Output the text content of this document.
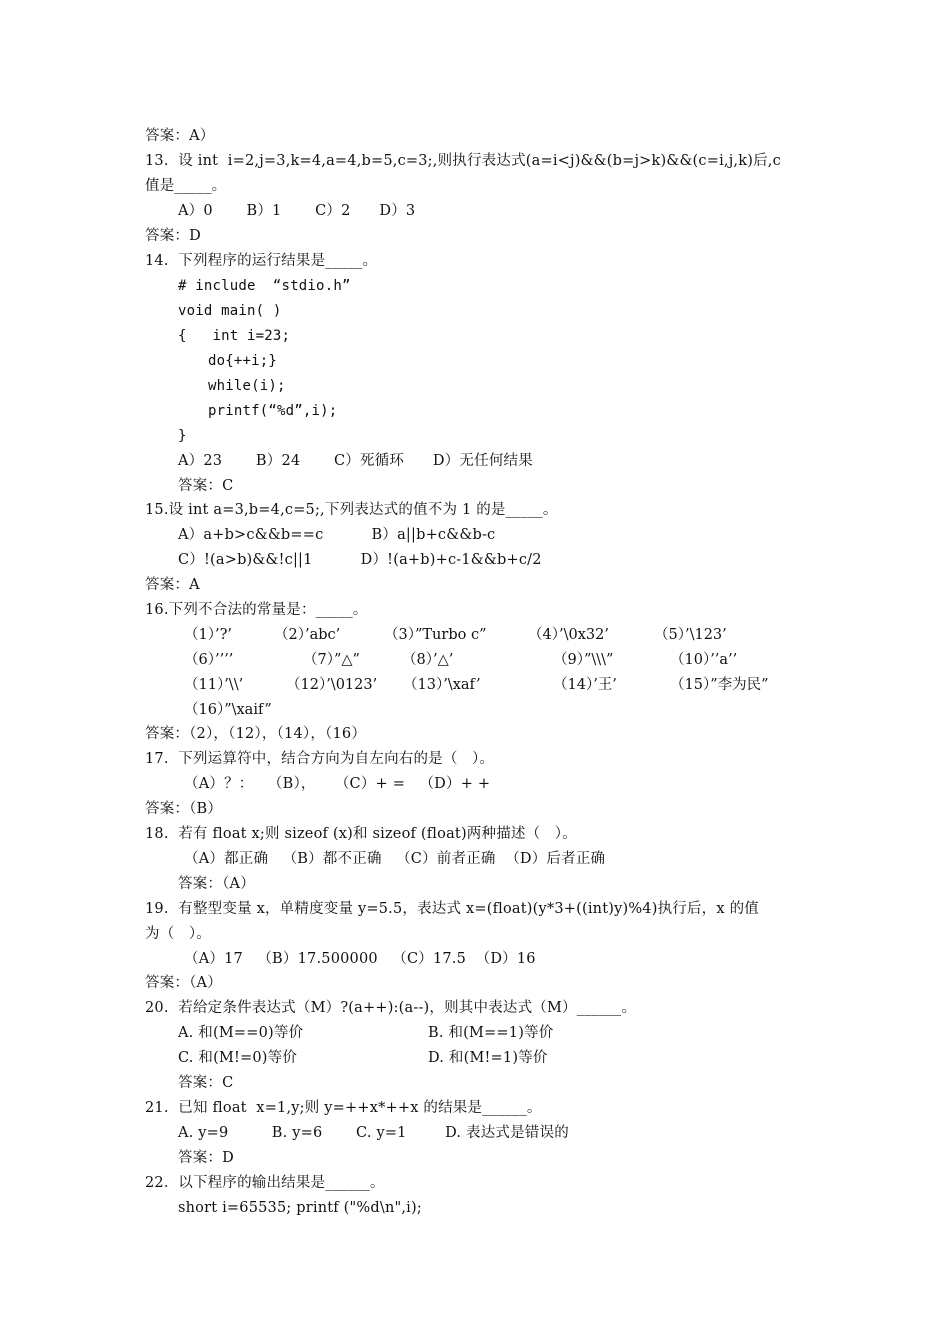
答案：A）
13.  设 int  i=2,j=3,k=4,a=4,b=5,c=3;,则执行表达式(a=i<j)&&(b=j>k)&&(c=i,j,k)后,c
值是_____。
A）0       B）1       C）2      D）3
答案：D
14.  下列程序的运行结果是_____。
# include  “stdio.h”
void main( )
{   int i=23;
do{++i;}
while(i);
printf(“%d”,i);
}
A）23       B）24       C）死循环      D）无任何结果
答案：C
15.设 int a=3,b=4,c=5;,下列表达式的值不为 1 的是_____。
A）a+b>c&&b==c          B）a||b+c&&b-c
C）!(a>b)&&!c||1          D）!(a+b)+c-1&&b+c/2
答案：A
16.下列不合法的常量是：_____。
（1）’?’	（2）’abc’	（3）”Turbo c”	（4）’\0x32’	（5）’\123’
（6）’’’’	（7）”△”	（8）’△’	（9）”\\\”	（10）’’a’’
（11）’\\’	（12）’\0123’ （13）’\xaf’	（14）’王’	（15）”李为民”
（16）”\xaif”
答案：（2），（12），（14），（16）
17.  下列运算符中，结合方向为自左向右的是（   ）。
（A）？：   （B），    （C）+ =   （D）+ +
答案：（B）
18.  若有 float x;则 sizeof (x)和 sizeof (float)两种描述（   ）。
（A）都正确   （B）都不正确   （C）前者正确  （D）后者正确
答案：（A）
19.  有整型变量 x，单精度变量 y=5.5，表达式 x=(float)(y*3+((int)y)%4)执行后，x 的值
为（   ）。
（A）17   （B）17.500000   （C）17.5  （D）16
答案：（A）
20.  若给定条件表达式（M）?(a++):(a--)，则其中表达式（M）______。
A. 和(M==0)等价	B. 和(M==1)等价
C. 和(M!=0)等价	D. 和(M!=1)等价
答案：C
21.  已知 float  x=1,y;则 y=++x*++x 的结果是______。
A. y=9         B. y=6       C. y=1        D. 表达式是错误的
答案：D
22.  以下程序的输出结果是______。
short i=65535; printf ("%d\n",i);
